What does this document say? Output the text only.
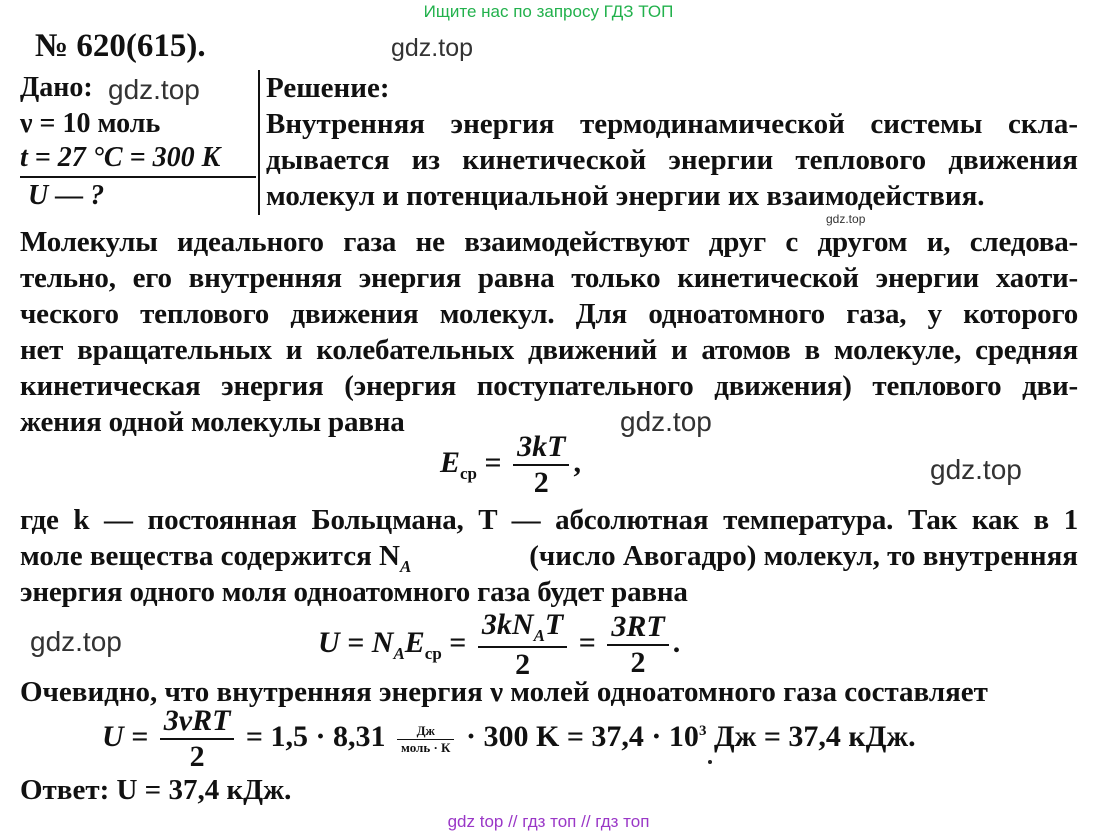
Ищите нас по запросу ГДЗ ТОП
№ 620(615).	gdz.top
Дано: gdz.top
ν = 10 моль
t = 27 °C = 300 K
U — ?
Решение:
Внутренняя энергия термодинамической системы скла-
дывается из кинетической энергии теплового движения
молекул и потенциальной энергии их взаимодействия.
gdz.top
Молекулы идеального газа не взаимодействуют друг с другом и, следова-
тельно, его внутренняя энергия равна только кинетической энергии хаоти-
ческого теплового движения молекул. Для одноатомного газа, у которого
нет вращательных и колебательных движений и атомов в молекуле, средняя
кинетическая энергия (энергия поступательного движения) теплового дви-
жения одной молекулы равна	gdz.top
$E_{ср} = \frac{3kT}{2}$ ,	gdz.top
где k — постоянная Больцмана, T — абсолютная температура. Так как в 1
моле вещества содержится $N_A$	(число Авогадро) молекул, то внутренняя
энергия одного моля одноатомного газа будет равна
gdz.top	$U = N_AE_{ср} = \frac{3kN_AT}{2} = \frac{3RT}{2}$ .
Очевидно, что внутренняя энергия ν молей одноатомного газа составляет
$U = \frac{\text{3νRT}}{2} = 1,5 \cdot 8,31 \frac{Дж}{\text{моль · К}} \cdot 300$ $K = 37,4 \cdot 10^3$ Дж = 37,4 кДж.
Ответ: U = 37,4 кДж.
gdz top // гдз топ // гдз топ
